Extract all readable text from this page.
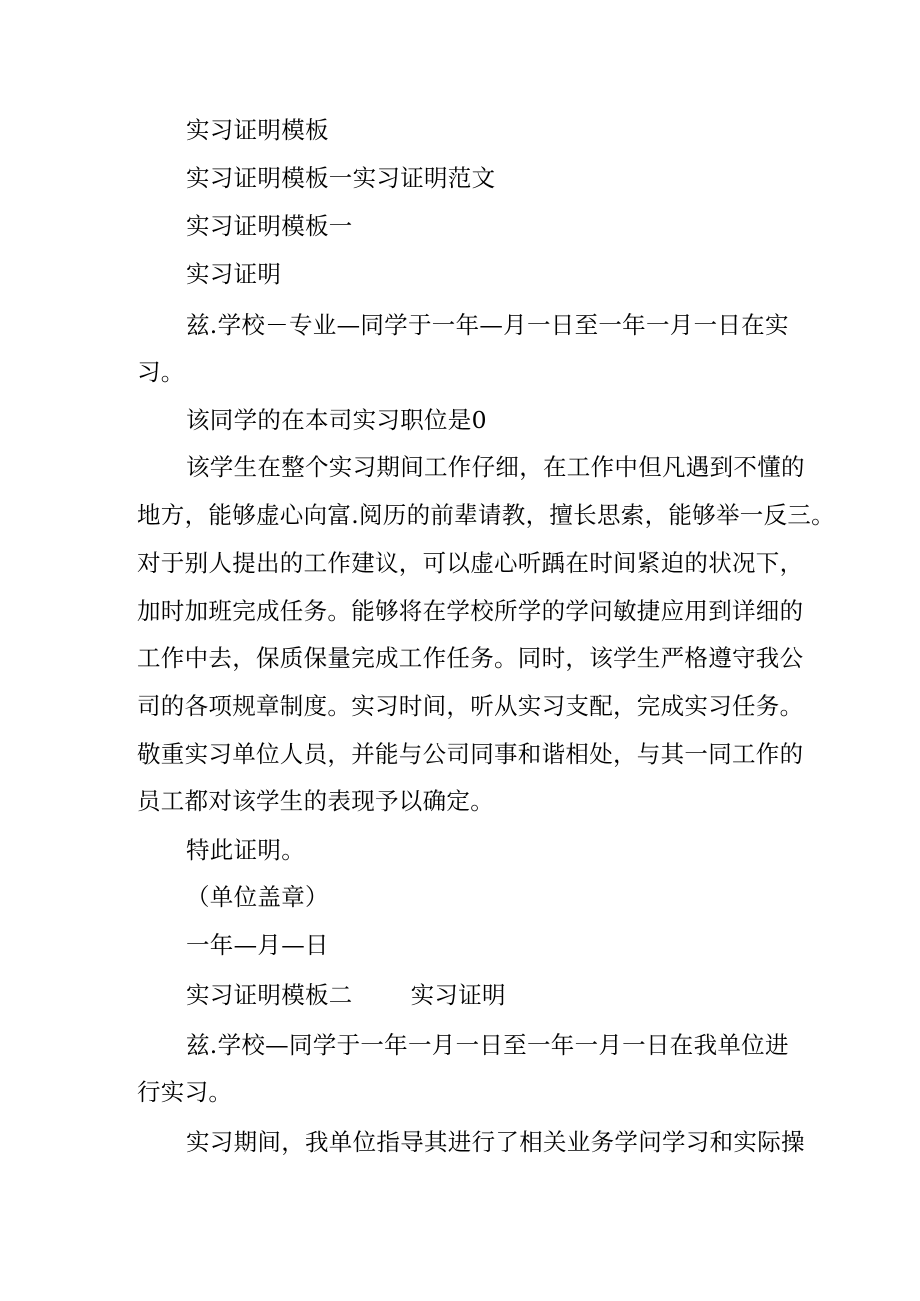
实习证明模板
实习证明模板一实习证明范文
实习证明模板一
实习证明
兹.学校－专业—同学于一年—月一日至一年一月一日在实
习。
该同学的在本司实习职位是0
该学生在整个实习期间工作仔细，在工作中但凡遇到不懂的
地方，能够虚心向富.阅历的前辈请教，擅长思索，能够举一反三。
对于别人提出的工作建议，可以虚心听踽在时间紧迫的状况下，
加时加班完成任务。能够将在学校所学的学问敏捷应用到详细的
工作中去，保质保量完成工作任务。同时，该学生严格遵守我公
司的各项规章制度。实习时间，听从实习支配，完成实习任务。
敬重实习单位人员，并能与公司同事和谐相处，与其一同工作的
员工都对该学生的表现予以确定。
特此证明。
（单位盖章）
一年—月—日
实习证明模板二 实习证明
兹.学校—同学于一年一月一日至一年一月一日在我单位进
行实习。
实习期间，我单位指导其进行了相关业务学问学习和实际操
